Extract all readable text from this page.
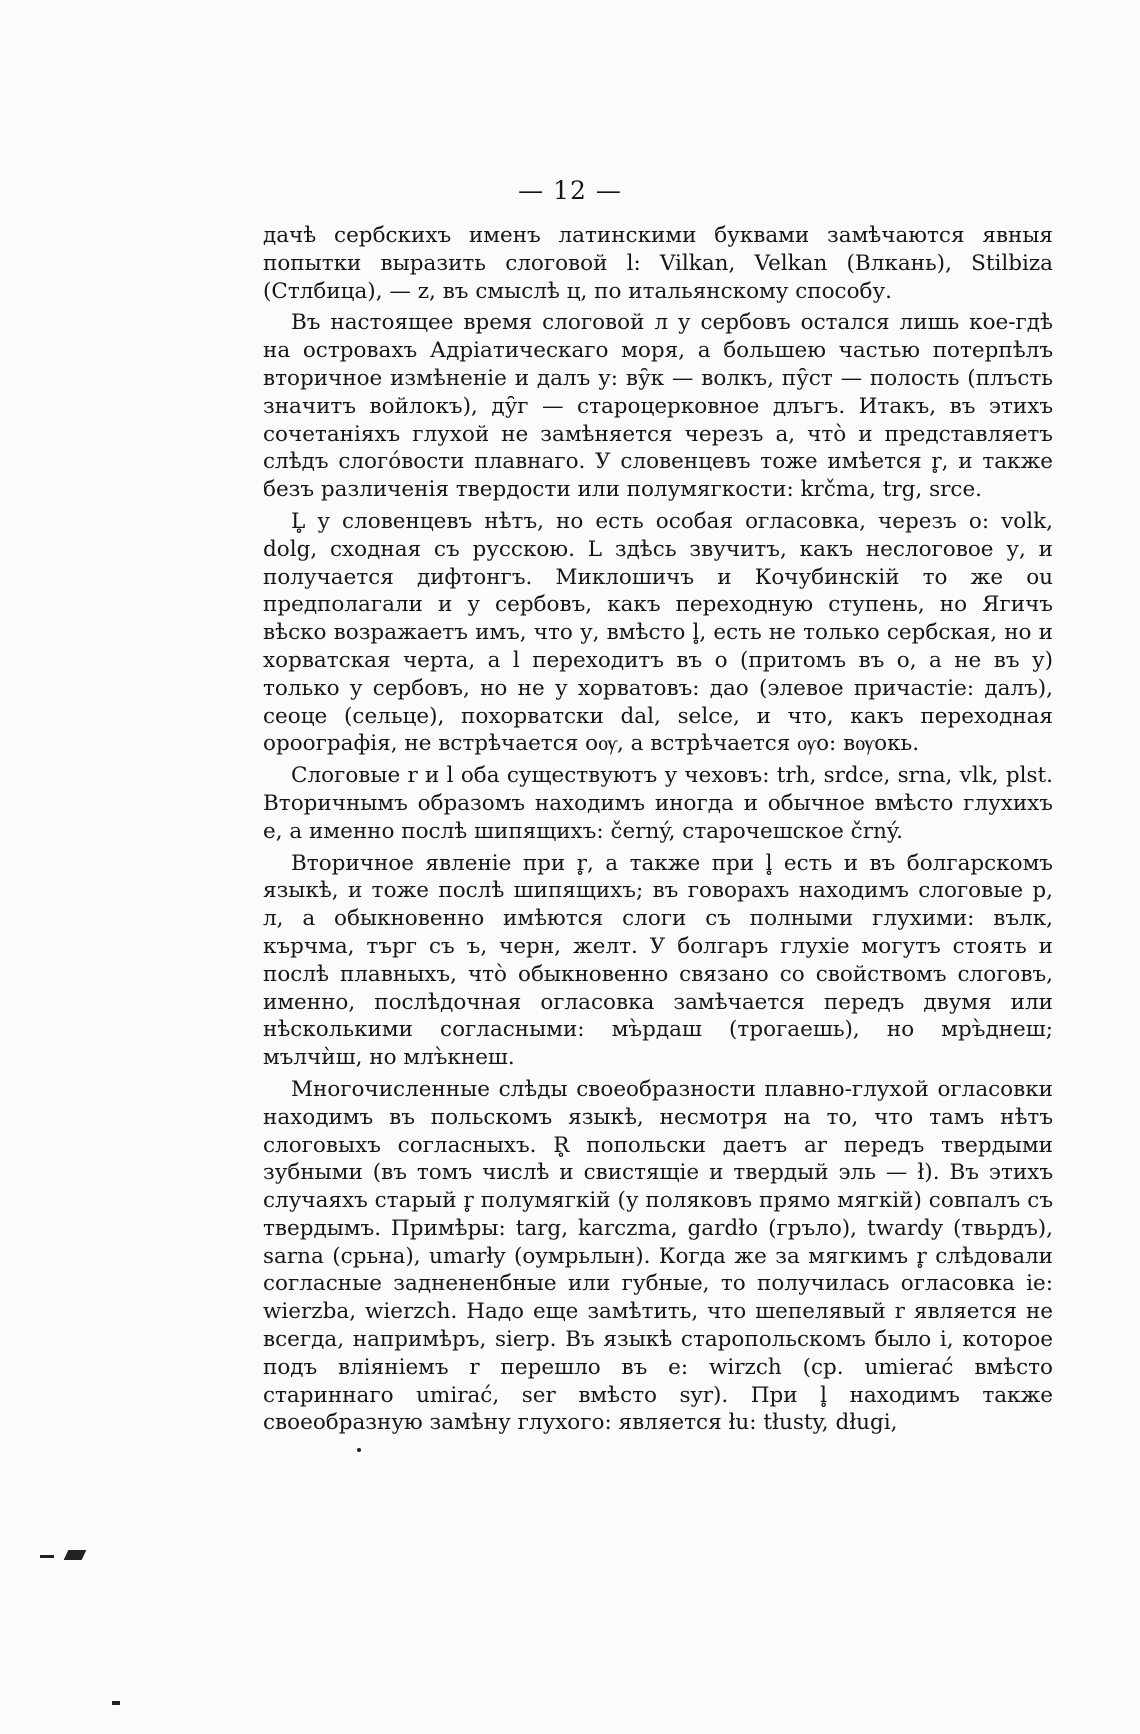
— 12 —

дачѣ сербскихъ именъ латинскими буквами замѣчаются явныя попытки выразить слоговой l: Vilkan, Velkan (Влкань), Stilbiza (Стлбица), — z, въ смыслѣ ц, по итальянскому способу.

Въ настоящее время слоговой л у сербовъ остался лишь кое-гдѣ на островахъ Адріатическаго моря, а большею частью потерпѣлъ вторичное измѣненіе и далъ у: ву̑к — волкъ, пу̑ст — полость (плъсть значитъ войлокъ), ду̑г — староцерковное длъгъ. Итакъ, въ этихъ сочетаніяхъ глухой не замѣняется черезъ а, что̀ и представляетъ слѣдъ слого́вости плавнаго. У словенцевъ тоже имѣется r̥, и также безъ различенія твердости или полумягкости: krčma, trg, srce.

L̥ у словенцевъ нѣтъ, но есть особая огласовка, черезъ o: volk, dolg, сходная съ русскою. L здѣсь звучитъ, какъ неслоговое у, и получается дифтонгъ. Миклошичъ и Кочубинскій то же ou предполагали и у сербовъ, какъ переходную ступень, но Ягичъ вѣско возражаетъ имъ, что у, вмѣсто l̥, есть не только сербская, но и хорватская черта, а l переходитъ въ o (притомъ въ o, а не въ у) только у сербовъ, но не у хорватовъ: дао (элевое причастіе: далъ), сеоце (сельце), похорватски dal, selce, и что, какъ переходная ороографія, не встрѣчается оѹ, а встрѣчается ѹо: вѹокь.

Слоговые r и l оба существуютъ у чеховъ: trh, srdce, srna, vlk, plst. Вторичнымъ образомъ находимъ иногда и обычное вмѣсто глухихъ e, а именно послѣ шипящихъ: černý, старочешское črný.

Вторичное явленіе при r̥, а также при l̥ есть и въ болгарскомъ языкѣ, и тоже послѣ шипящихъ; въ говорахъ находимъ слоговые р, л, а обыкновенно имѣются слоги съ полными глухими: вълк, кърчма, търг съ ъ, черн, желт. У болгаръ глухіе могутъ стоять и послѣ плавныхъ, что̀ обыкновенно связано со свойствомъ слоговъ, именно, послѣдочная огласовка замѣчается передъ двумя или нѣсколькими согласными: мъ̀рдаш (трогаешь), но мръ̀днеш; мълчѝш, но млъ̀кнеш.

Многочисленные слѣды своеобразности плавно-глухой огласовки находимъ въ польскомъ языкѣ, несмотря на то, что тамъ нѣтъ слоговыхъ согласныхъ. R̥ попольски даетъ ar передъ твердыми зубными (въ томъ числѣ и свистящіе и твердый эль — ł). Въ этихъ случаяхъ старый r̥ полумягкій (у поляковъ прямо мягкій) совпалъ съ твердымъ. Примѣры: targ, karczma, gardło (гръло), twardy (твьрдъ), sarna (срьна), umarły (оумрьлын). Когда же за мягкимъ r̥ слѣдовали согласные заднененбные или губные, то получилась огласовка ie: wierzba, wierzch. Надо еще замѣтить, что шепелявый r является не всегда, напримѣръ, sierp. Въ языкѣ старопольскомъ было i, которое подъ вліяніемъ r перешло въ e: wirzch (ср. umierać вмѣсто стариннаго umirać, ser вмѣсто syr). При l̥ находимъ также своеобразную замѣну глухого: является łu: tłusty, długi,
